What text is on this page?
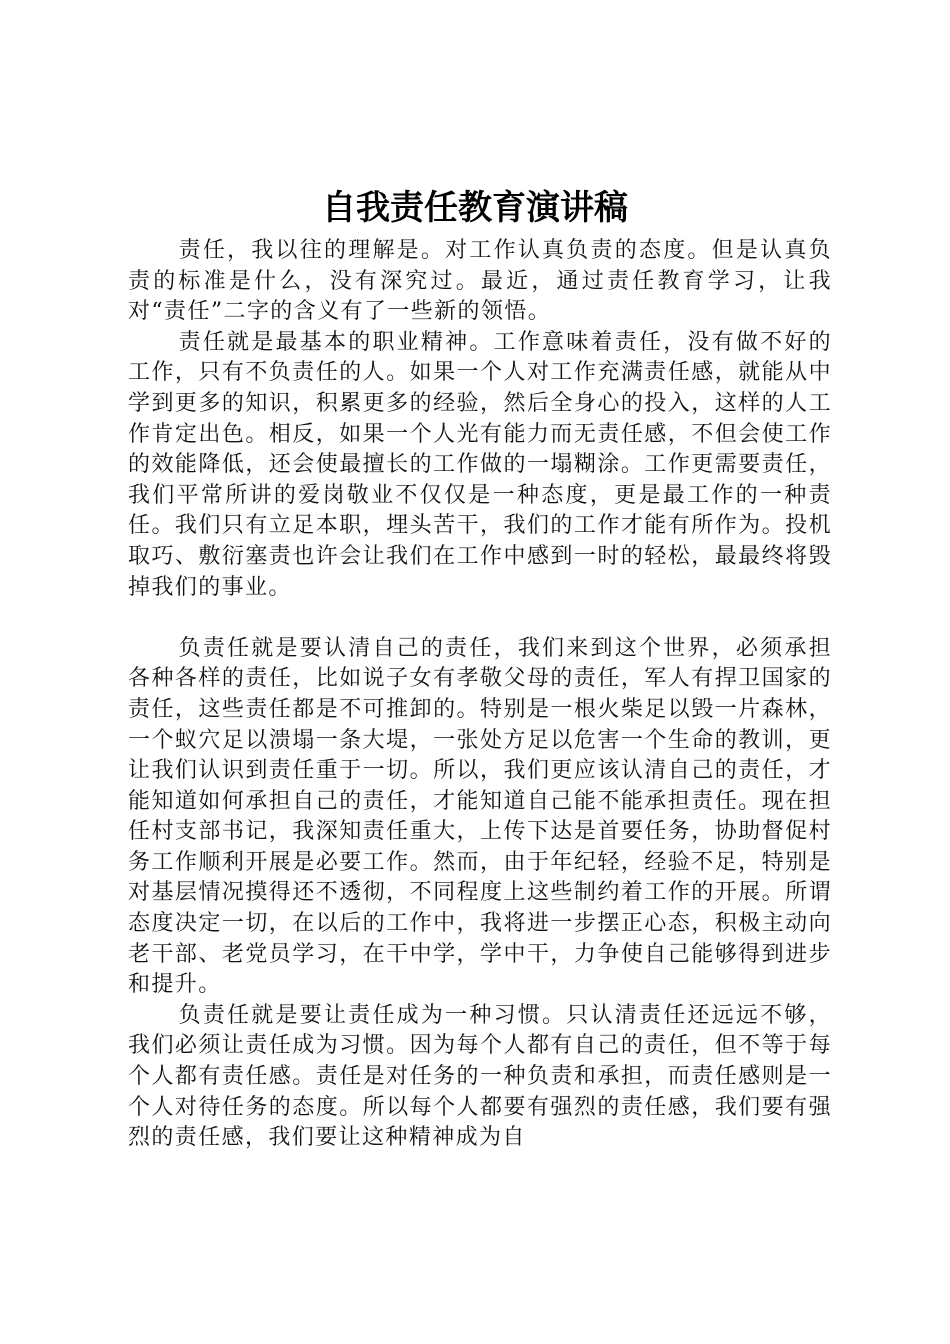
自我责任教育演讲稿

责任，我以往的理解是。对工作认真负责的态度。但是认真负责的标准是什么，没有深究过。最近，通过责任教育学习，让我对“责任”二字的含义有了一些新的领悟。

责任就是最基本的职业精神。工作意味着责任，没有做不好的工作，只有不负责任的人。如果一个人对工作充满责任感，就能从中学到更多的知识，积累更多的经验，然后全身心的投入，这样的人工作肯定出色。相反，如果一个人光有能力而无责任感，不但会使工作的效能降低，还会使最擅长的工作做的一塌糊涂。工作更需要责任，我们平常所讲的爱岗敬业不仅仅是一种态度，更是最工作的一种责任。我们只有立足本职，埋头苦干，我们的工作才能有所作为。投机取巧、敷衍塞责也许会让我们在工作中感到一时的轻松，最最终将毁掉我们的事业。

负责任就是要认清自己的责任，我们来到这个世界，必须承担各种各样的责任，比如说子女有孝敬父母的责任，军人有捍卫国家的责任，这些责任都是不可推卸的。特别是一根火柴足以毁一片森林，一个蚁穴足以溃塌一条大堤，一张处方足以危害一个生命的教训，更让我们认识到责任重于一切。所以，我们更应该认清自己的责任，才能知道如何承担自己的责任，才能知道自己能不能承担责任。现在担任村支部书记，我深知责任重大，上传下达是首要任务，协助督促村务工作顺利开展是必要工作。然而，由于年纪轻，经验不足，特别是对基层情况摸得还不透彻，不同程度上这些制约着工作的开展。所谓态度决定一切，在以后的工作中，我将进一步摆正心态，积极主动向老干部、老党员学习，在干中学，学中干，力争使自己能够得到进步和提升。

负责任就是要让责任成为一种习惯。只认清责任还远远不够，我们必须让责任成为习惯。因为每个人都有自己的责任，但不等于每个人都有责任感。责任是对任务的一种负责和承担，而责任感则是一个人对待任务的态度。所以每个人都要有强烈的责任感，我们要有强烈的责任感，我们要让这种精神成为自
